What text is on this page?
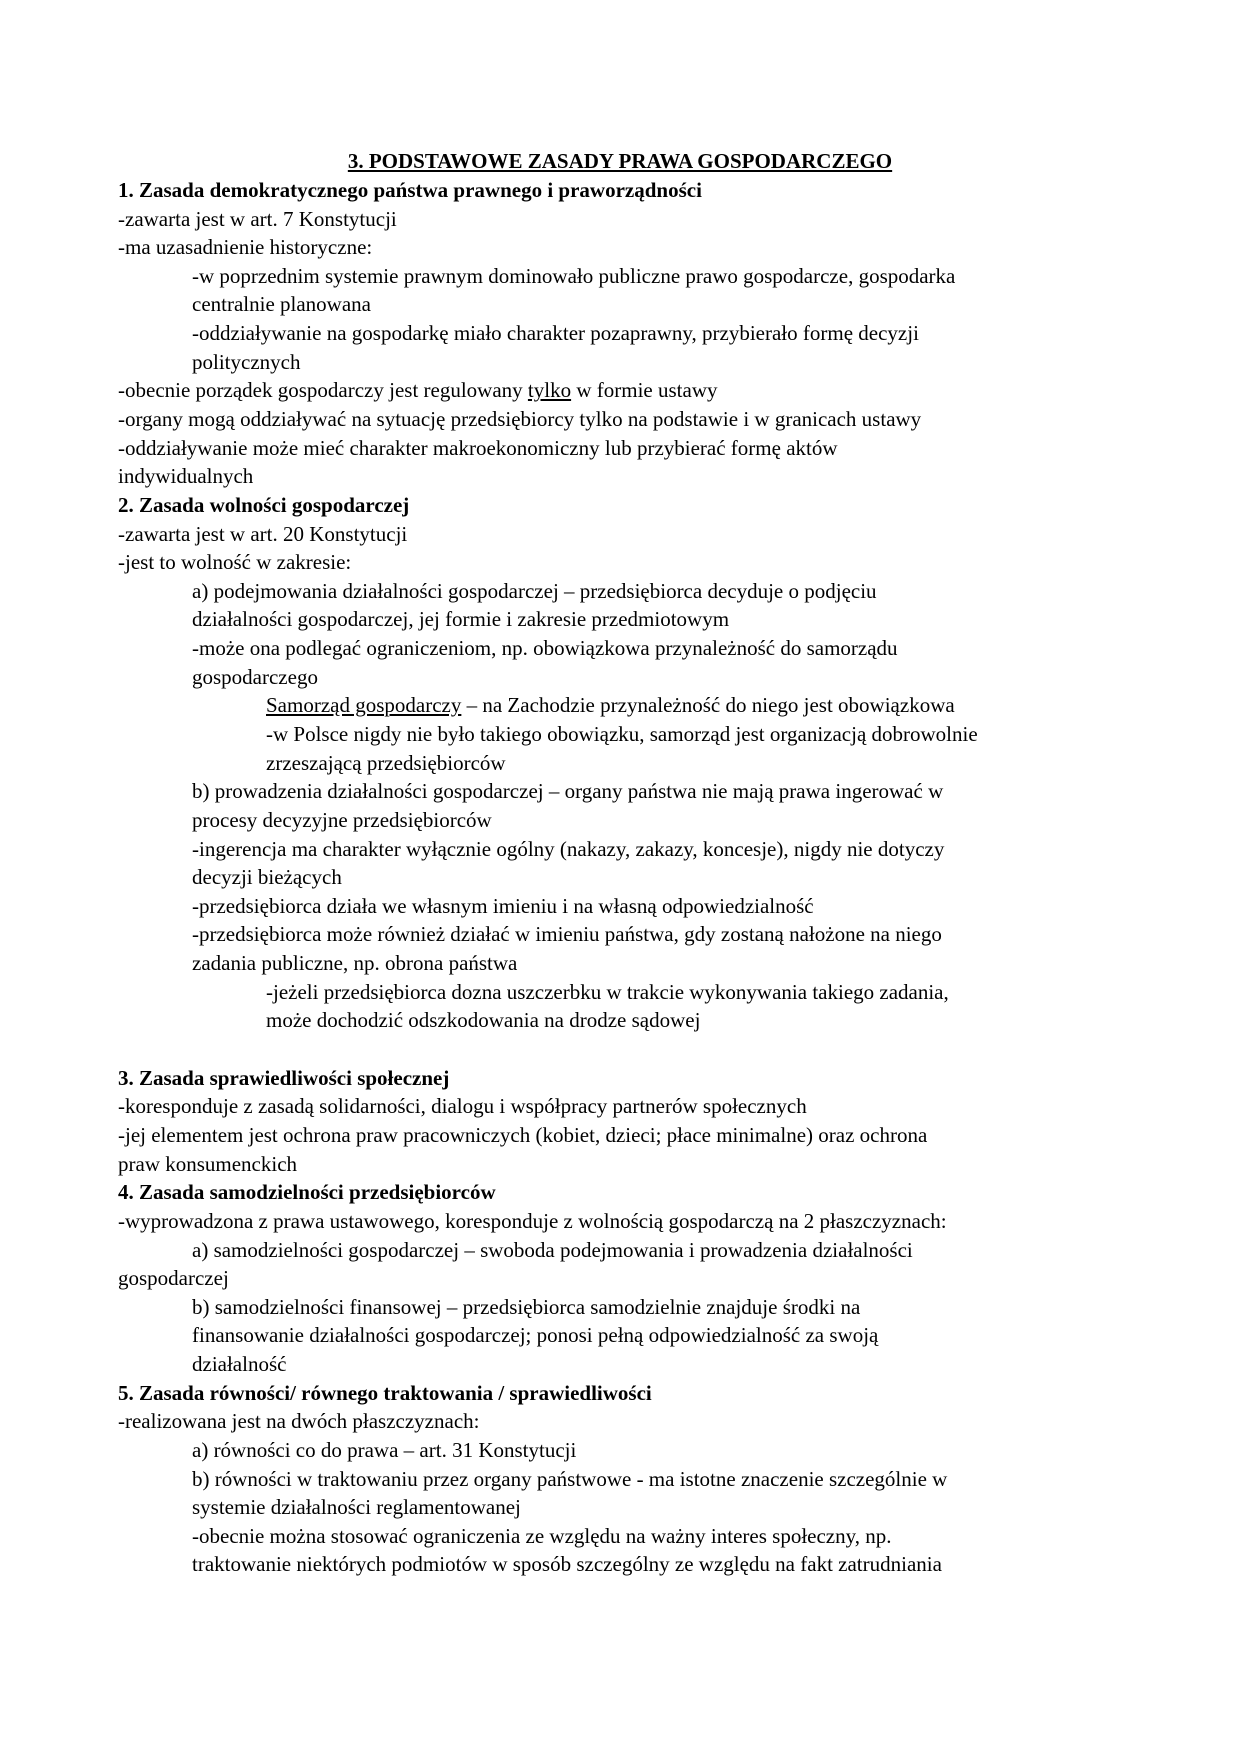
3. PODSTAWOWE ZASADY PRAWA GOSPODARCZEGO
1. Zasada demokratycznego państwa prawnego i praworządności
-zawarta jest w art. 7 Konstytucji
-ma uzasadnienie historyczne:
-w poprzednim systemie prawnym dominowało publiczne prawo gospodarcze, gospodarka
centralnie planowana
-oddziaływanie na gospodarkę miało charakter pozaprawny, przybierało formę decyzji
politycznych
-obecnie porządek gospodarczy jest regulowany tylko w formie ustawy
-organy mogą oddziaływać na sytuację przedsiębiorcy tylko na podstawie i w granicach ustawy
-oddziaływanie może mieć charakter makroekonomiczny lub przybierać formę aktów
indywidualnych
2. Zasada wolności gospodarczej
-zawarta jest w art. 20 Konstytucji
-jest to wolność w zakresie:
a) podejmowania działalności gospodarczej – przedsiębiorca decyduje o podjęciu
działalności gospodarczej, jej formie i zakresie przedmiotowym
-może ona podlegać ograniczeniom, np. obowiązkowa przynależność do samorządu
gospodarczego
Samorząd gospodarczy – na Zachodzie przynależność do niego jest obowiązkowa
-w Polsce nigdy nie było takiego obowiązku, samorząd jest organizacją dobrowolnie
zrzeszającą przedsiębiorców
b) prowadzenia działalności gospodarczej – organy państwa nie mają prawa ingerować w
procesy decyzyjne przedsiębiorców
-ingerencja ma charakter wyłącznie ogólny (nakazy, zakazy, koncesje), nigdy nie dotyczy
decyzji bieżących
-przedsiębiorca działa we własnym imieniu i na własną odpowiedzialność
-przedsiębiorca może również działać w imieniu państwa, gdy zostaną nałożone na niego
zadania publiczne, np. obrona państwa
-jeżeli przedsiębiorca dozna uszczerbku w trakcie wykonywania takiego zadania,
może dochodzić odszkodowania na drodze sądowej
3. Zasada sprawiedliwości społecznej
-koresponduje z zasadą solidarności, dialogu i współpracy partnerów społecznych
-jej elementem jest ochrona praw pracowniczych (kobiet, dzieci; płace minimalne) oraz ochrona
praw konsumenckich
4. Zasada samodzielności przedsiębiorców
-wyprowadzona z prawa ustawowego, koresponduje z wolnością gospodarczą na 2 płaszczyznach:
a) samodzielności gospodarczej – swoboda podejmowania i prowadzenia działalności
gospodarczej
b) samodzielności finansowej – przedsiębiorca samodzielnie znajduje środki na
finansowanie działalności gospodarczej; ponosi pełną odpowiedzialność za swoją
działalność
5. Zasada równości/ równego traktowania / sprawiedliwości
-realizowana jest na dwóch płaszczyznach:
a) równości co do prawa – art. 31 Konstytucji
b) równości w traktowaniu przez organy państwowe - ma istotne znaczenie szczególnie w
systemie działalności reglamentowanej
-obecnie można stosować ograniczenia ze względu na ważny interes społeczny, np.
traktowanie niektórych podmiotów w sposób szczególny ze względu na fakt zatrudniania
